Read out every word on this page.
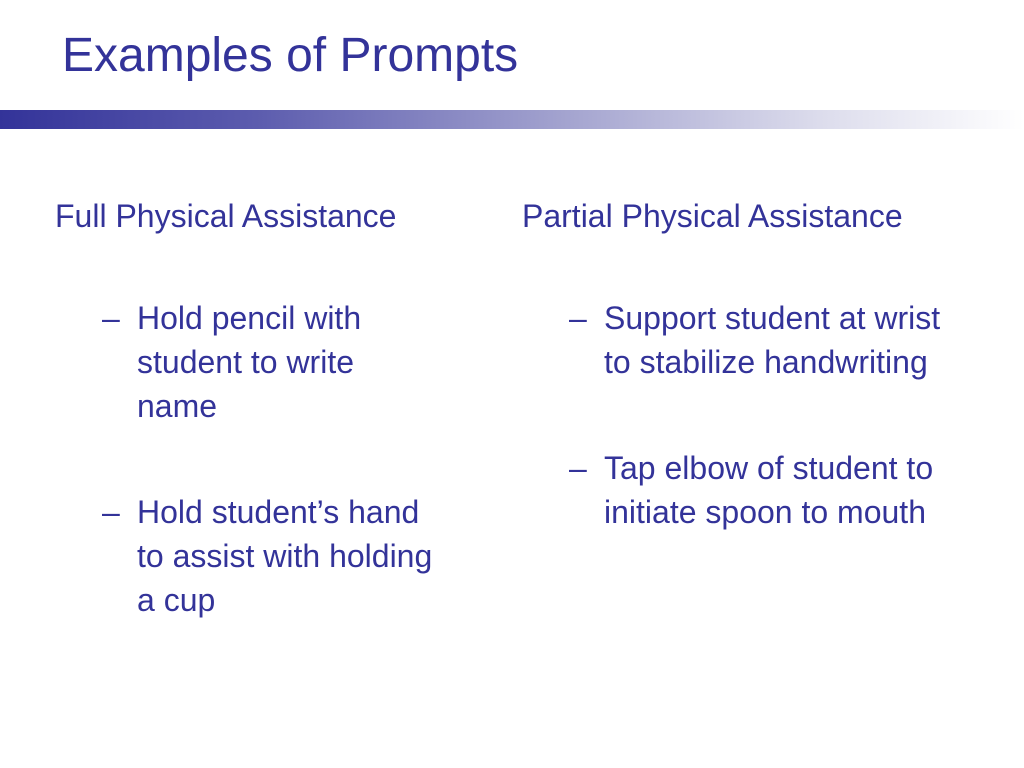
Examples of Prompts

Full Physical Assistance

– Hold pencil with student to write name
– Hold student’s hand to assist with holding a cup

Partial Physical Assistance

– Support student at wrist to stabilize handwriting
– Tap elbow of student to initiate spoon to mouth
